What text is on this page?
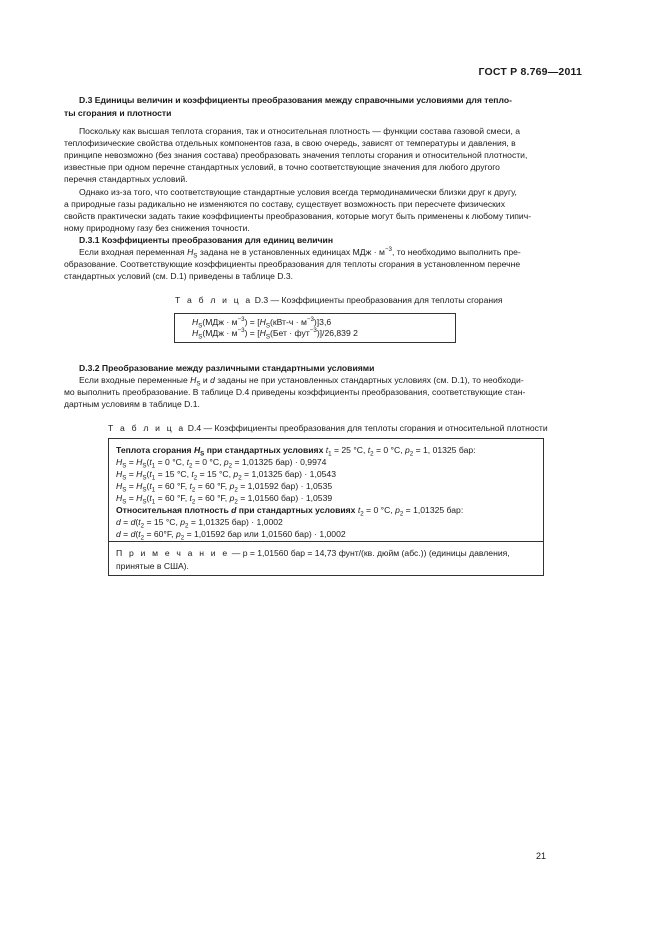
ГОСТ Р 8.769—2011
D.3 Единицы величин и коэффициенты преобразования между справочными условиями для тепло-
ты сгорания и плотности
Поскольку как высшая теплота сгорания, так и относительная плотность — функции состава газовой смеси, а
теплофизические свойства отдельных компонентов газа, в свою очередь, зависят от температуры и давления, в
принципе невозможно (без знания состава) преобразовать значения теплоты сгорания и относительной плотности,
известные при одном перечне стандартных условий, в точно соответствующие значения для любого другого
перечня стандартных условий.
Однако из-за того, что соответствующие стандартные условия всегда термодинамически близки друг к другу,
а природные газы радикально не изменяются по составу, существует возможность при пересчете физических
свойств практически задать такие коэффициенты преобразования, которые могут быть применены к любому типич-
ному природному газу без снижения точности.
D.3.1 Коэффициенты преобразования для единиц величин
Если входная переменная $H_S$ задана не в установленных единицах МДж · $м^{-3}$, то необходимо выполнить пре-
образование. Соответствующие коэффициенты преобразования для теплоты сгорания в установленном перечне
стандартных условий (см. D.1) приведены в таблице D.3.
Т а б л и ц а D.3 — Коэффициенты преобразования для теплоты сгорания
$H_S(МДж \cdot м^{-3}) = [H_S(кВт-ч \cdot м^{-3})]3,6$
$H_S(МДж \cdot м^{-3}) = [H_S(Бет \cdot фут^{-3})]/26,839$ 2
D.3.2 Преобразование между различными стандартными условиями
Если входные переменные $H_S$ и d заданы не при установленных стандартных условиях (см. D.1), то необходи-
мо выполнить преобразование. В таблице D.4 приведены коэффициенты преобразования, соответствующие стан-
дартным условиям в таблице D.1.
Т а б л и ц а D.4 — Коэффициенты преобразования для теплоты сгорания и относительной плотности
Теплота сгорания $H_S$ при стандартных условиях $t_1 = 25$ °С, $t_2 = 0$ °С, $p_2 = 1$, 01325 бар:
$H_S = H_S(t_1 = 0$ °С, $t_2 = 0$ °С, $p_2 = 1,01325$ бар) · 0,9974
$H_S = H_S(t_1 = 15$ °С, $t_2 = 15$ °С, $p_2 = 1,01325$ бар) · 1,0543
$H_S = H_S(t_1 = 60$ °F, $t_2 = 60$ °F, $p_2 = 1,01592$ бар) · 1,0535
$H_S = H_S(t_1 = 60$ °F, $t_2 = 60$ °F, $p_2 = 1,01560$ бар) · 1,0539
Относительная плотность d при стандартных условиях $t_2 = 0$ °С, $p_2 = 1,01325$ бар:
$d = d(t_2 = 15$ °С, $p_2 = 1,01325$ бар) · 1,0002
$d = d(t_2 = 60^\circ F$, $p_2 = 1,01592$ бар или 1,01560 бар) · 1,0002
П р и м е ч а н и е — р = 1,01560 бар = 14,73 фунт/(кв. дюйм (абс.)) (единицы давления,
принятые в США).
21
